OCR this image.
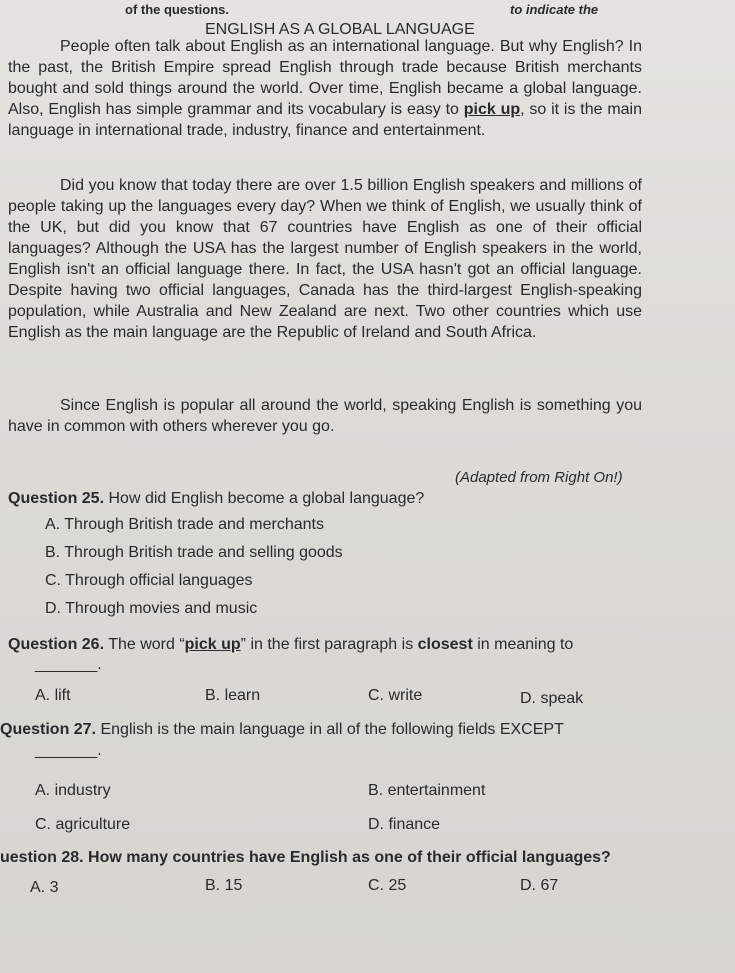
of the questions.	to indicate the
ENGLISH AS A GLOBAL LANGUAGE
People often talk about English as an international language. But why English? In the past, the British Empire spread English through trade because British merchants bought and sold things around the world. Over time, English became a global language. Also, English has simple grammar and its vocabulary is easy to pick up, so it is the main language in international trade, industry, finance and entertainment.
Did you know that today there are over 1.5 billion English speakers and millions of people taking up the languages every day? When we think of English, we usually think of the UK, but did you know that 67 countries have English as one of their official languages? Although the USA has the largest number of English speakers in the world, English isn't an official language there. In fact, the USA hasn't got an official language. Despite having two official languages, Canada has the third-largest English-speaking population, while Australia and New Zealand are next. Two other countries which use English as the main language are the Republic of Ireland and South Africa.
Since English is popular all around the world, speaking English is something you have in common with others wherever you go.
(Adapted from Right On!)
Question 25. How did English become a global language?
A. Through British trade and merchants
B. Through British trade and selling goods
C. Through official languages
D. Through movies and music
Question 26. The word “pick up” in the first paragraph is closest in meaning to
_______.
A. lift	B. learn	C. write	D. speak
Question 27. English is the main language in all of the following fields EXCEPT
_______.
A. industry	B. entertainment
C. agriculture	D. finance
uestion 28. How many countries have English as one of their official languages?
A. 3	B. 15	C. 25	D. 67
